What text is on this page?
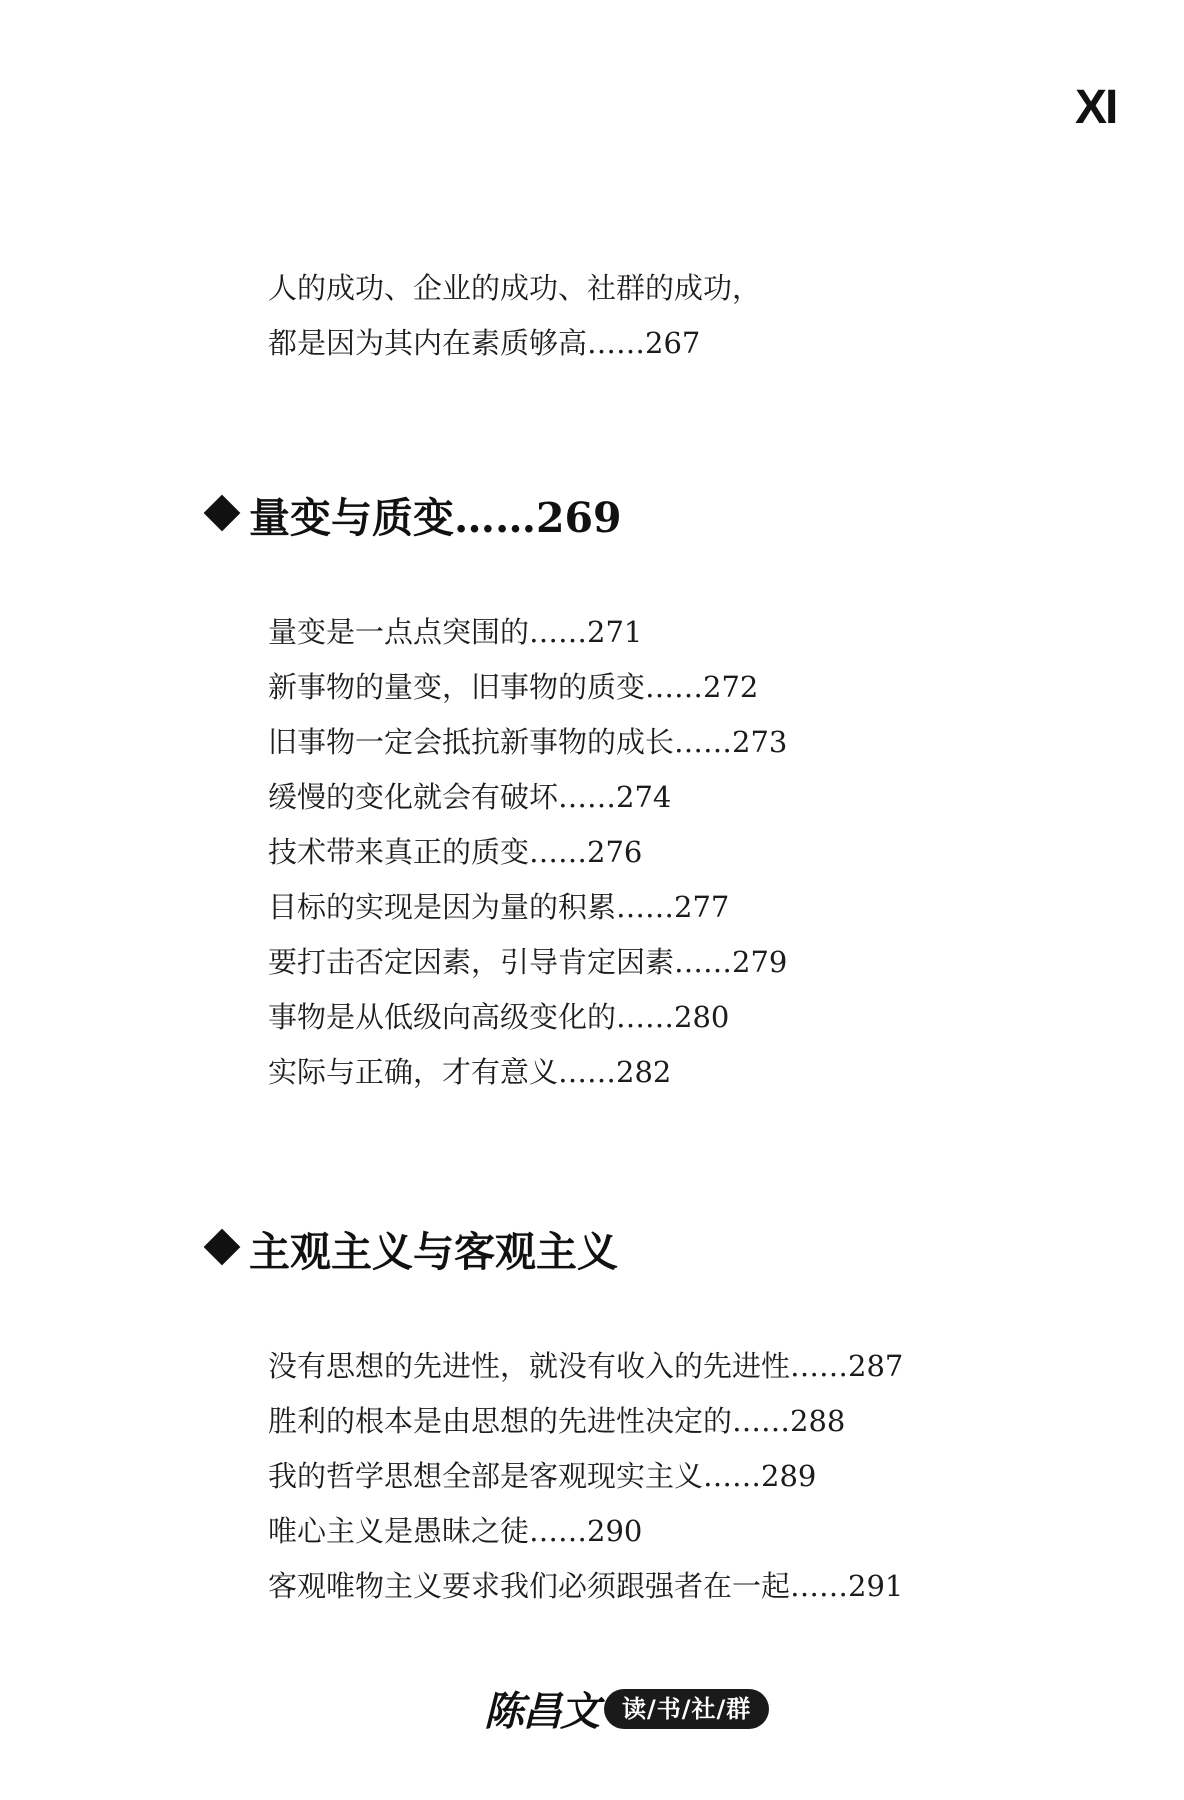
XI
人的成功、企业的成功、社群的成功，
都是因为其内在素质够高……267
量变与质变……269
量变是一点点突围的……271
新事物的量变，旧事物的质变……272
旧事物一定会抵抗新事物的成长……273
缓慢的变化就会有破坏……274
技术带来真正的质变……276
目标的实现是因为量的积累……277
要打击否定因素，引导肯定因素……279
事物是从低级向高级变化的……280
实际与正确，才有意义……282
主观主义与客观主义
没有思想的先进性，就没有收入的先进性……287
胜利的根本是由思想的先进性决定的……288
我的哲学思想全部是客观现实主义……289
唯心主义是愚昧之徒……290
客观唯物主义要求我们必须跟强者在一起……291
陈昌文 读/书/社/群
